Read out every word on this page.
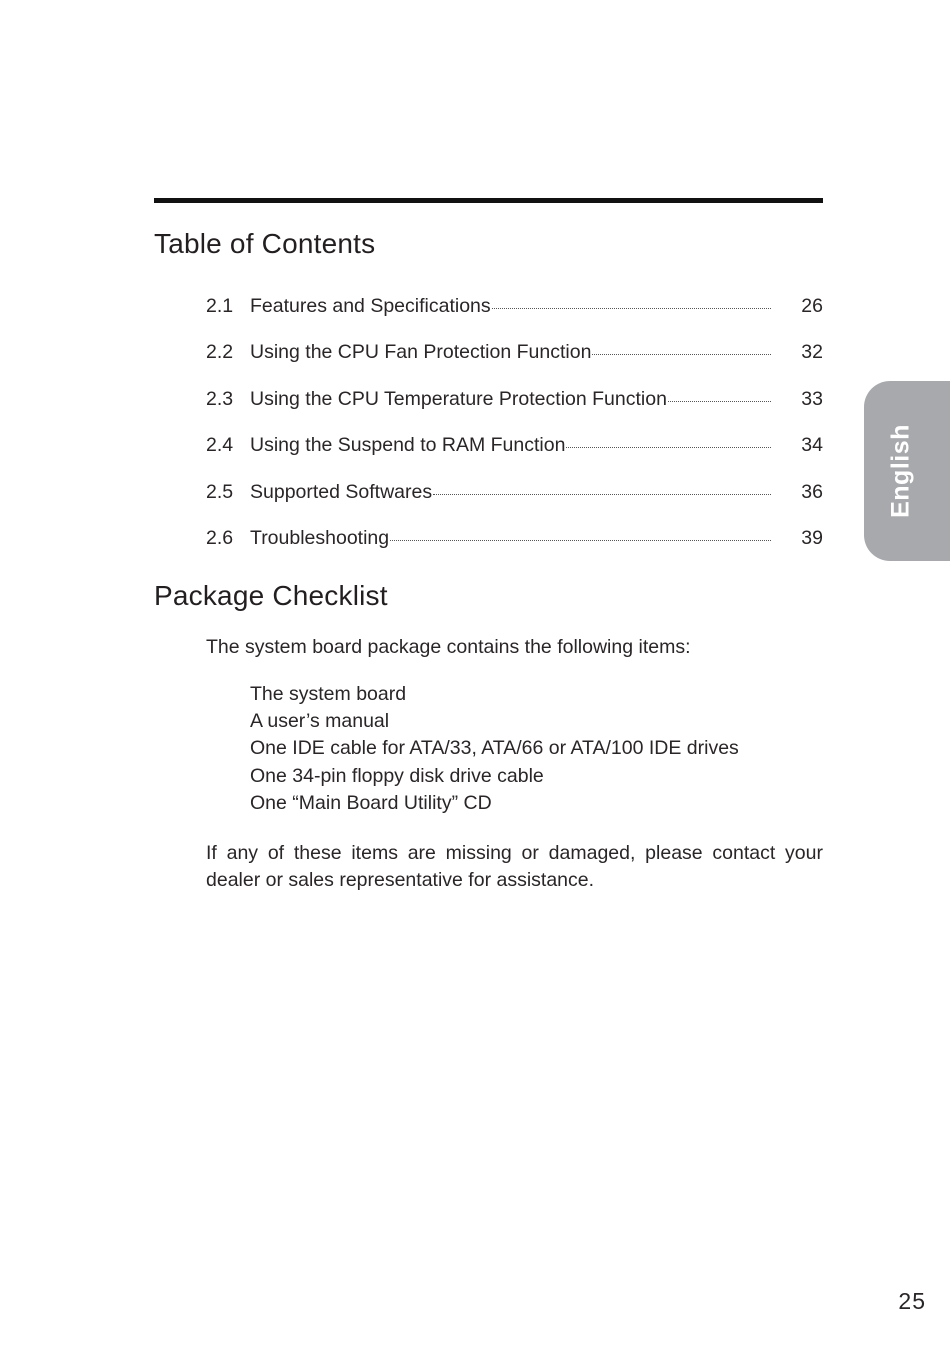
Table of Contents
2.1 Features and Specifications	26
2.2 Using the CPU Fan Protection Function	32
2.3 Using the CPU Temperature Protection Function	33
2.4 Using the Suspend to RAM Function	34
2.5 Supported Softwares	36
2.6 Troubleshooting	39
Package Checklist

The system board package contains the following items:

The system board
A user’s manual
One IDE cable for ATA/33, ATA/66 or ATA/100 IDE drives
One 34-pin floppy disk drive cable
One “Main Board Utility” CD

If any of these items are missing or damaged, please contact your dealer or sales representative for assistance.

English
25
